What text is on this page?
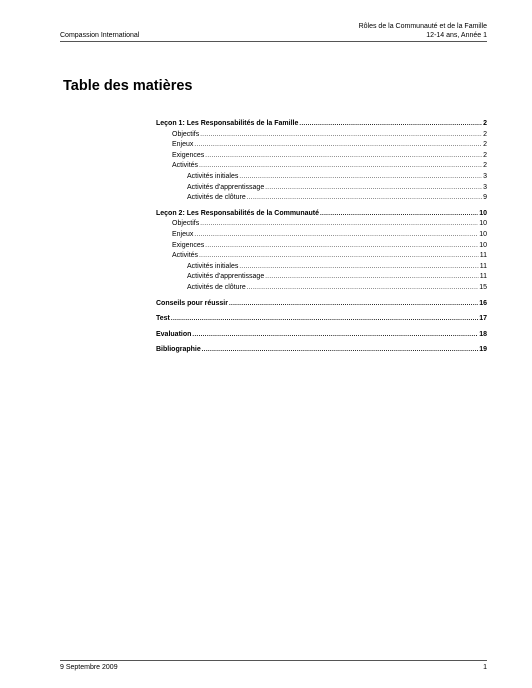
Compassion International
Rôles de la Communauté et de la Famille
12-14 ans, Année 1
Table des matières
Leçon 1: Les Responsabilités de la Famille .....	2
Objectifs .....	2
Enjeux .....	2
Exigences .....	2
Activités .....	2
Activités initiales .....	3
Activités d'apprentissage .....	3
Activités de clôture .....	9
Leçon 2: Les Responsabilités de la Communauté .....	10
Objectifs .....	10
Enjeux .....	10
Exigences .....	10
Activités .....	11
Activités initiales .....	11
Activités d'apprentissage .....	11
Activités de clôture .....	15
Conseils pour réussir .....	16
Test .....	17
Evaluation .....	18
Bibliographie .....	19
9 Septembre 2009	1
